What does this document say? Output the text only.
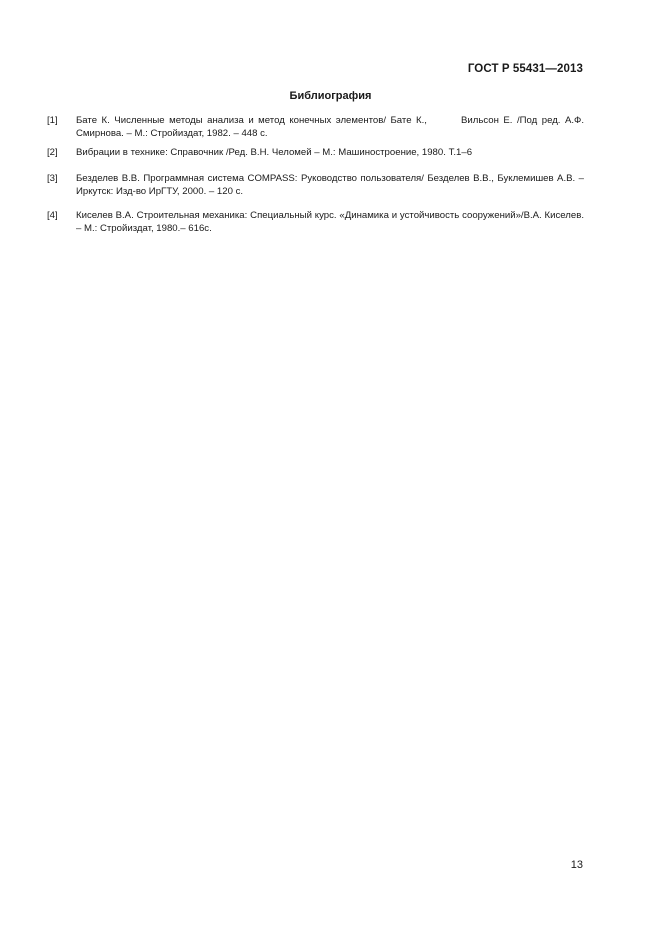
ГОСТ Р 55431—2013
Библиография
[1]	Бате К. Численные методы анализа и метод конечных элементов/ Бате К.,	Вильсон Е. /Под ред. А.Ф. Смирнова. – М.: Стройиздат, 1982. – 448 с.
[2]	Вибрации в технике: Справочник /Ред. В.Н. Челомей – М.: Машиностроение, 1980. Т.1–6
[3]	Безделев В.В. Программная система COMPASS: Руководство пользователя/ Безделев В.В., Буклемишев А.В. – Иркутск: Изд-во ИрГТУ, 2000. – 120 с.
[4]	Киселев В.А. Строительная механика: Специальный курс. «Динамика и устойчивость сооружений»/В.А. Киселев. – М.: Стройиздат, 1980.– 616с.
13
